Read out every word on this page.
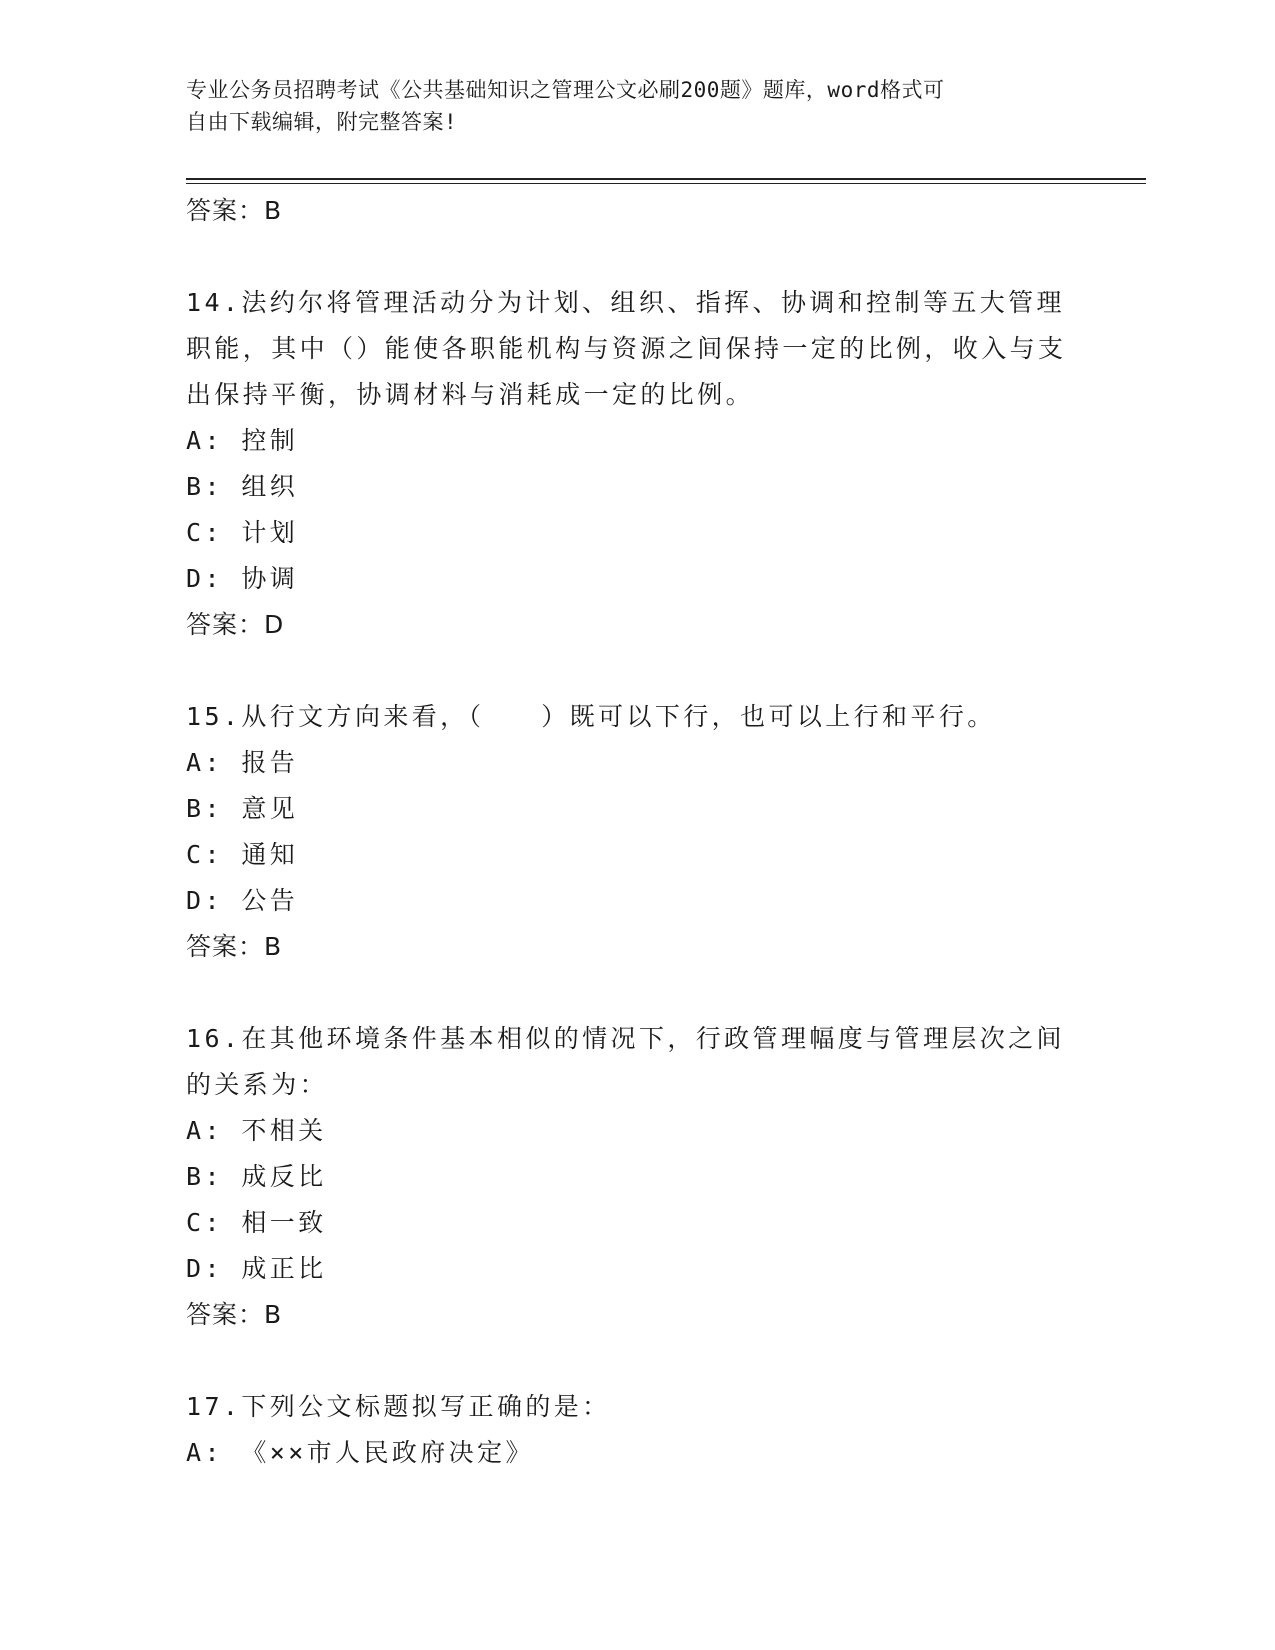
专业公务员招聘考试《公共基础知识之管理公文必刷200题》题库，word格式可
自由下载编辑，附完整答案!
答案：B
14.法约尔将管理活动分为计划、组织、指挥、协调和控制等五大管理职能，其中（）能使各职能机构与资源之间保持一定的比例，收入与支出保持平衡，协调材料与消耗成一定的比例。
A: 控制
B: 组织
C: 计划
D: 协调
答案：D
15.从行文方向来看，（　　）既可以下行，也可以上行和平行。
A: 报告
B: 意见
C: 通知
D: 公告
答案：B
16.在其他环境条件基本相似的情况下，行政管理幅度与管理层次之间的关系为：
A: 不相关
B: 成反比
C: 相一致
D: 成正比
答案：B
17.下列公文标题拟写正确的是：
A: 《××市人民政府决定》
